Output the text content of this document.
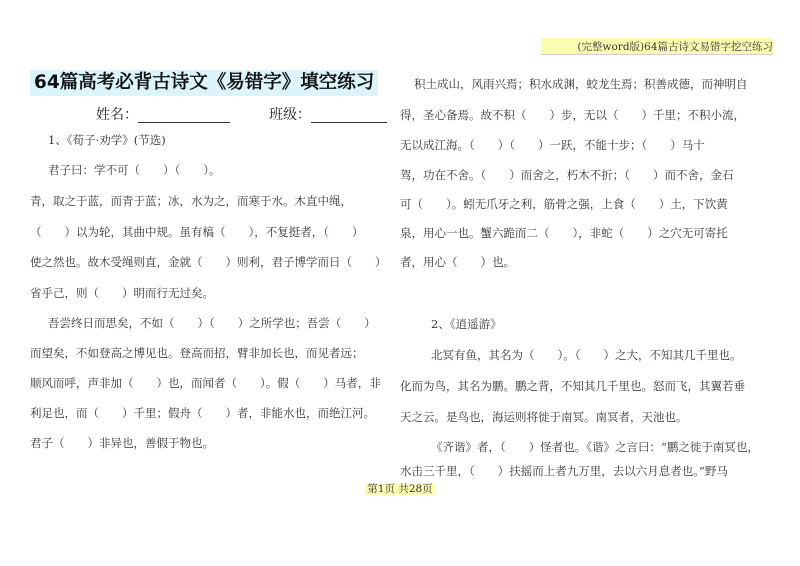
(完整word版)64篇古诗文易错字挖空练习
64篇高考必背古诗文《易错字》填空练习
姓名：	班级：
1、《荀子·劝学》(节选)
君子曰：学不可（　　）（　　）。
青，取之于蓝，而青于蓝；冰，水为之，而寒于水。木直中绳，
（　　）以为轮，其曲中规。虽有槁（　　），不复挺者，（　　）
使之然也。故木受绳则直，金就（　　）则利，君子博学而日（　　）
省乎己，则（　　）明而行无过矣。
吾尝终日而思矣，不如（　　）（　　）之所学也；吾尝（　　）
而望矣，不如登高之博见也。登高而招，臂非加长也，而见者远；
顺风而呼，声非加（　　）也，而闻者（　　）。假（　　）马者，非
利足也，而（　　）千里；假舟（　　）者，非能水也，而绝江河。
君子（　　）非异也，善假于物也。
积土成山，风雨兴焉；积水成渊，蛟龙生焉；积善成德，而神明自
得，圣心备焉。故不积（　　）步，无以（　　）千里；不积小流，
无以成江海。（　　）（　　）一跃，不能十步；（　　）马十
驾，功在不舍。（　　）而舍之，朽木不折；（　　）而不舍，金石
可（　　）。蚓无爪牙之利，筋骨之强，上食（　　）土，下饮黄
泉，用心一也。蟹六跪而二（　　），非蛇（　　）之穴无可寄托
者，用心（　　）也。
2、《逍遥游》
北冥有鱼，其名为（　　）。（　　）之大，不知其几千里也。
化而为鸟，其名为鹏。鹏之背，不知其几千里也。怒而飞，其翼若垂
天之云。是鸟也，海运则将徙于南冥。南冥者，天池也。
《齐谐》者，（　　）怪者也。《谐》之言曰：“鹏之徙于南冥也，
水击三千里，（　　）扶摇而上者九万里，去以六月息者也。”野马
第1页 共28页
